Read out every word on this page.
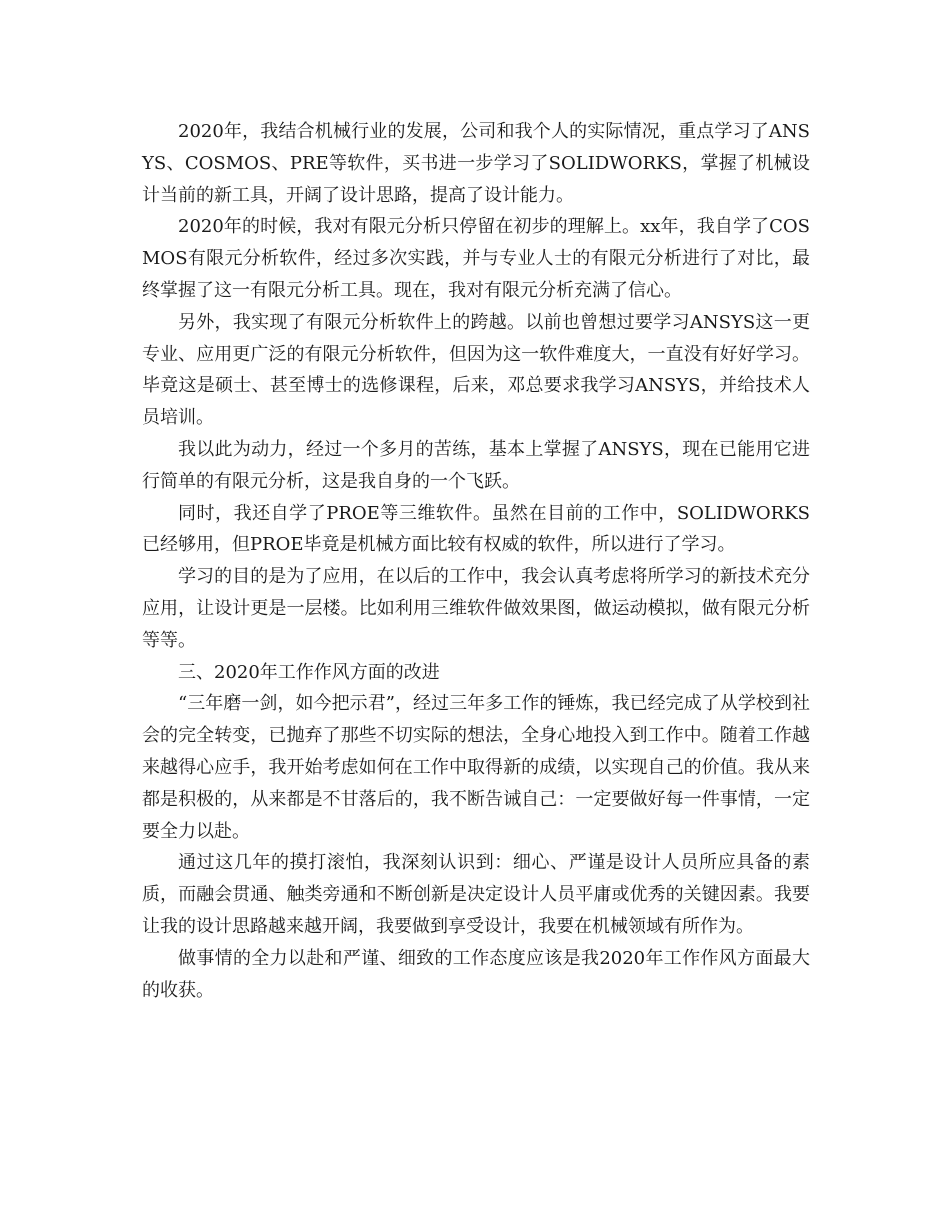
2020年，我结合机械行业的发展，公司和我个人的实际情况，重点学习了ANSYS、COSMOS、PRE等软件，买书进一步学习了SOLIDWORKS，掌握了机械设计当前的新工具，开阔了设计思路，提高了设计能力。

2020年的时候，我对有限元分析只停留在初步的理解上。xx年，我自学了COSMOS有限元分析软件，经过多次实践，并与专业人士的有限元分析进行了对比，最终掌握了这一有限元分析工具。现在，我对有限元分析充满了信心。

另外，我实现了有限元分析软件上的跨越。以前也曾想过要学习ANSYS这一更专业、应用更广泛的有限元分析软件，但因为这一软件难度大，一直没有好好学习。毕竟这是硕士、甚至博士的选修课程，后来，邓总要求我学习ANSYS，并给技术人员培训。

我以此为动力，经过一个多月的苦练，基本上掌握了ANSYS，现在已能用它进行简单的有限元分析，这是我自身的一个飞跃。

同时，我还自学了PROE等三维软件。虽然在目前的工作中，SOLIDWORKS已经够用，但PROE毕竟是机械方面比较有权威的软件，所以进行了学习。

学习的目的是为了应用，在以后的工作中，我会认真考虑将所学习的新技术充分应用，让设计更是一层楼。比如利用三维软件做效果图，做运动模拟，做有限元分析等等。

三、2020年工作作风方面的改进

“三年磨一剑，如今把示君”，经过三年多工作的锤炼，我已经完成了从学校到社会的完全转变，已抛弃了那些不切实际的想法，全身心地投入到工作中。随着工作越来越得心应手，我开始考虑如何在工作中取得新的成绩，以实现自己的价值。我从来都是积极的，从来都是不甘落后的，我不断告诫自己：一定要做好每一件事情，一定要全力以赴。

通过这几年的摸打滚怕，我深刻认识到：细心、严谨是设计人员所应具备的素质，而融会贯通、触类旁通和不断创新是决定设计人员平庸或优秀的关键因素。我要让我的设计思路越来越开阔，我要做到享受设计，我要在机械领域有所作为。

做事情的全力以赴和严谨、细致的工作态度应该是我2020年工作作风方面最大的收获。
